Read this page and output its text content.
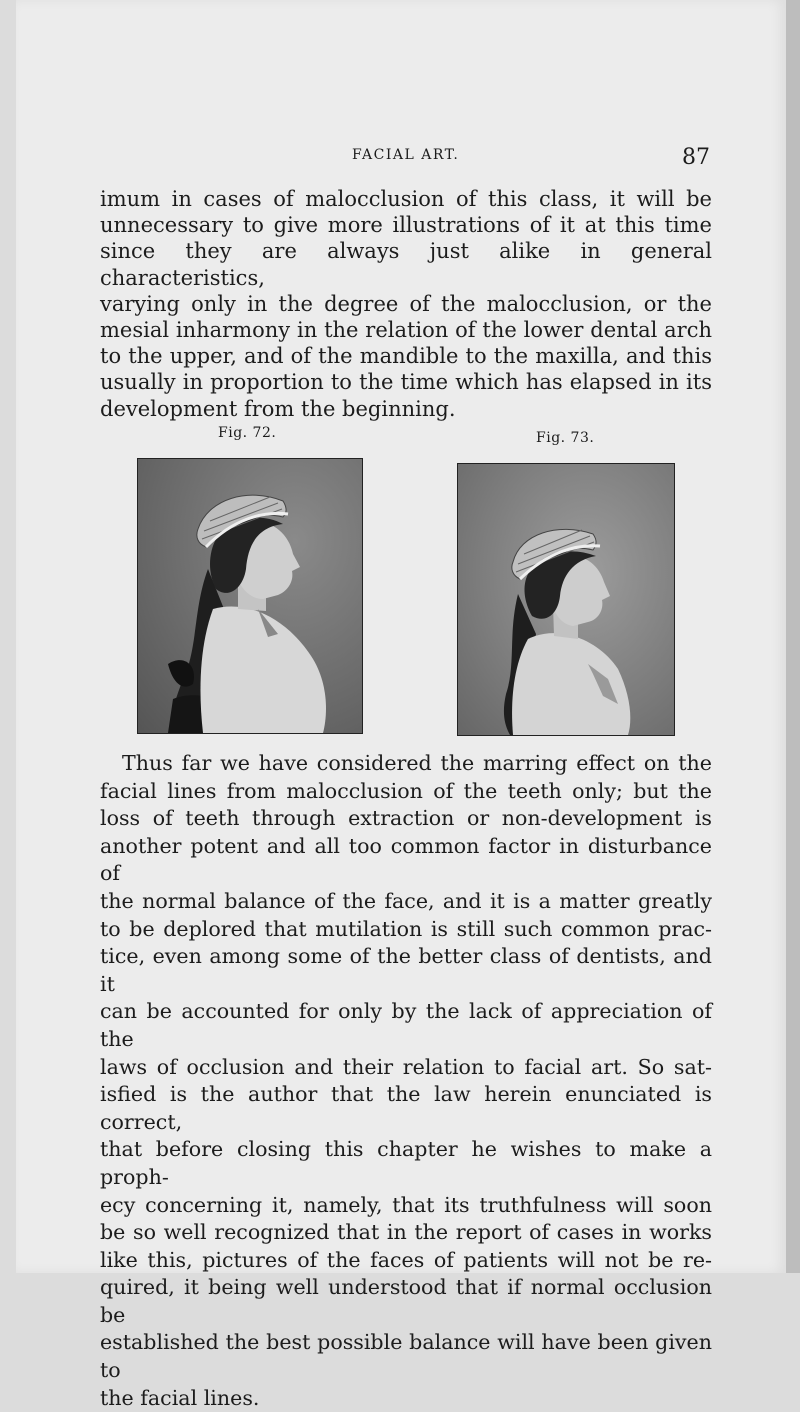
FACIAL ART.	87

imum in cases of malocclusion of this class, it will be

unnecessary to give more illustrations of it at this time

since they are always just alike in general characteristics,

varying only in the degree of the malocclusion, or the

mesial inharmony in the relation of the lower dental arch

to the upper, and of the mandible to the maxilla, and this

usually in proportion to the time which has elapsed in its

development from the beginning.

Fig. 72.	Fig. 73.

Thus far we have considered the marring effect on the

facial lines from malocclusion of the teeth only; but the

loss of teeth through extraction or non-development is

another potent and all too common factor in disturbance of

the normal balance of the face, and it is a matter greatly

to be deplored that mutilation is still such common prac-

tice, even among some of the better class of dentists, and it

can be accounted for only by the lack of appreciation of the

laws of occlusion and their relation to facial art. So sat-

isfied is the author that the law herein enunciated is correct,

that before closing this chapter he wishes to make a proph-

ecy concerning it, namely, that its truthfulness will soon

be so well recognized that in the report of cases in works

like this, pictures of the faces of patients will not be re-

quired, it being well understood that if normal occlusion be

established the best possible balance will have been given to

the facial lines.
